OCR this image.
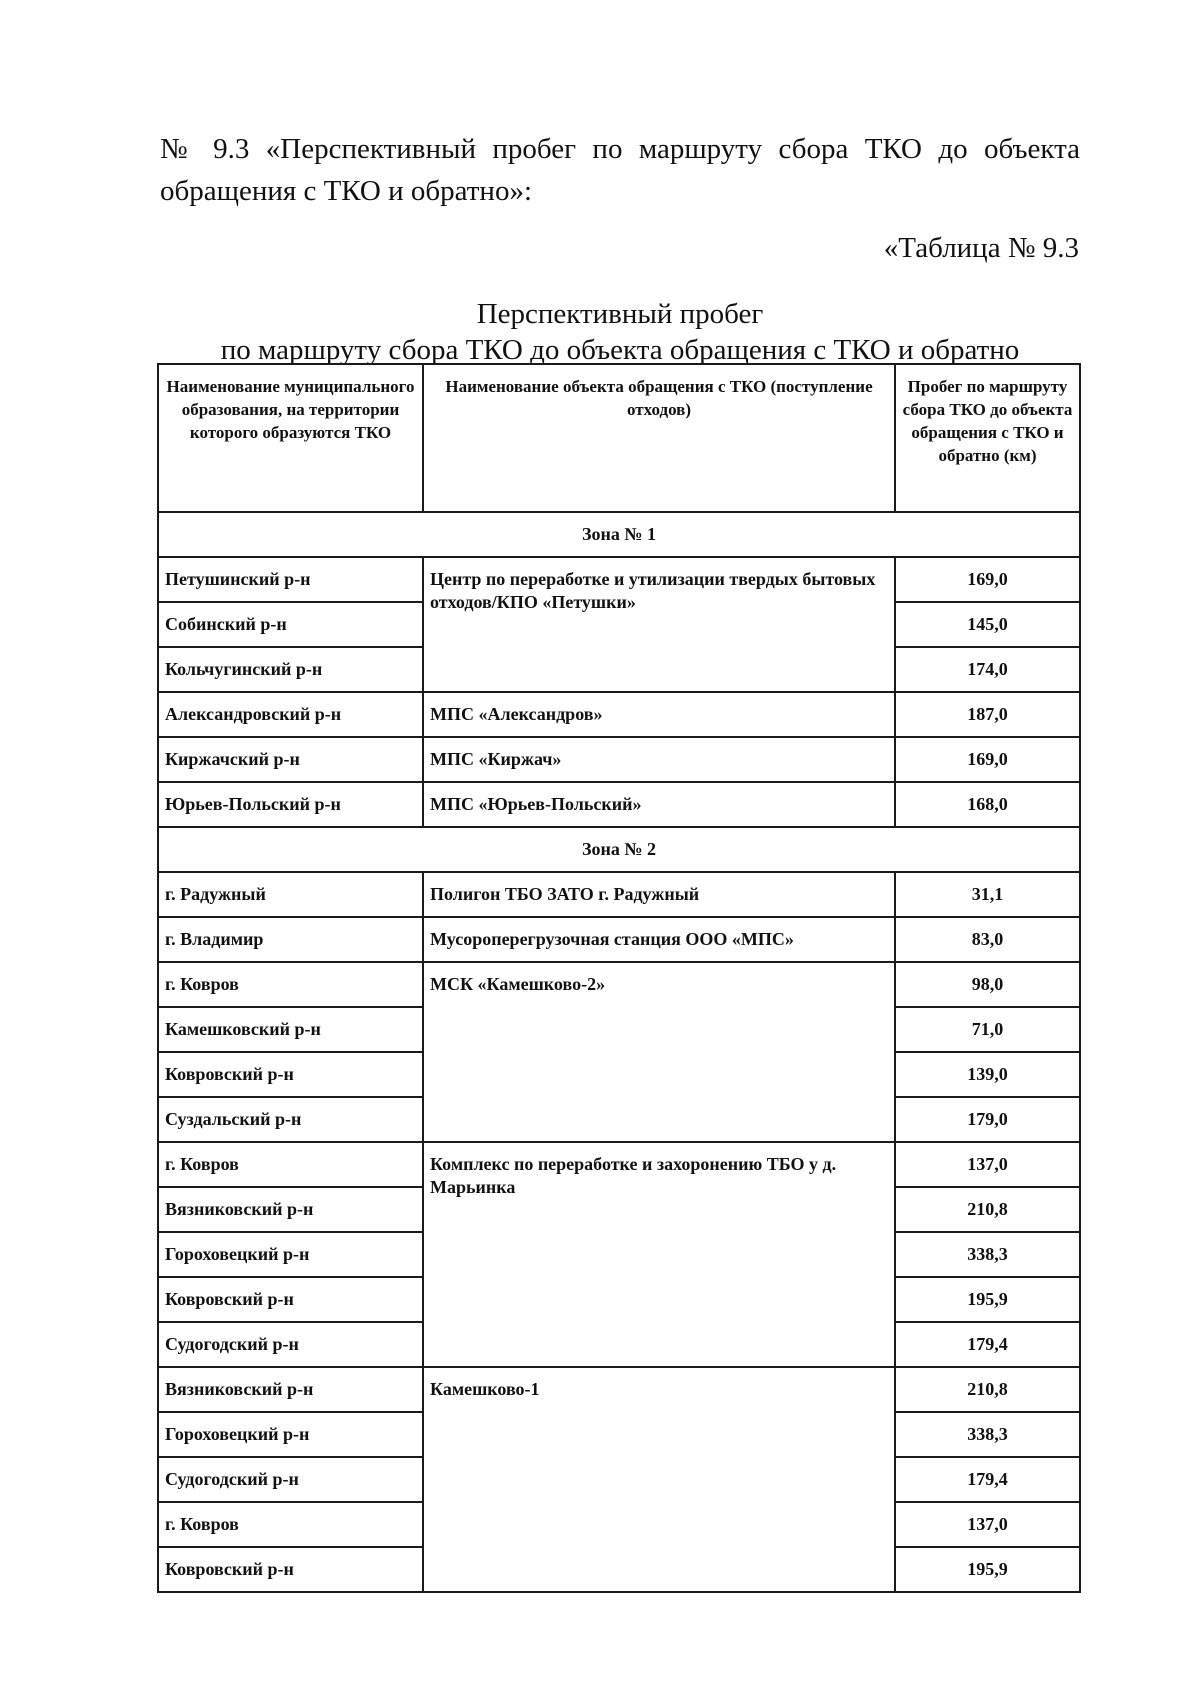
№ 9.3 «Перспективный пробег по маршруту сбора ТКО до объекта обращения с ТКО и обратно»:
«Таблица № 9.3
Перспективный пробег
по маршруту сбора ТКО до объекта обращения с ТКО и обратно
Наименование муниципального образования, на территории которого образуются ТКО	Наименование объекта обращения с ТКО (поступление отходов)	Пробег по маршруту сбора ТКО до объекта обращения с ТКО и обратно (км)
Зона № 1		
Петушинский р-н	Центр по переработке и утилизации твердых бытовых отходов/КПО «Петушки»	169,0
Собинский р-н		145,0
Кольчугинский р-н		174,0
Александровский р-н	МПС «Александров»	187,0
Киржачский р-н	МПС «Киржач»	169,0
Юрьев-Польский р-н	МПС «Юрьев-Польский»	168,0
Зона № 2		
г. Радужный	Полигон ТБО ЗАТО г. Радужный	31,1
г. Владимир	Мусороперегрузочная станция ООО «МПС»	83,0
г. Ковров	МСК «Камешково-2»	98,0
Камешковский р-н		71,0
Ковровский р-н		139,0
Суздальский р-н		179,0
г. Ковров	Комплекс по переработке и захоронению ТБО у д. Марьинка	137,0
Вязниковский р-н		210,8
Гороховецкий р-н		338,3
Ковровский р-н		195,9
Судогодский р-н		179,4
Вязниковский р-н	Камешково-1	210,8
Гороховецкий р-н		338,3
Судогодский р-н		179,4
г. Ковров		137,0
Ковровский р-н		195,9
